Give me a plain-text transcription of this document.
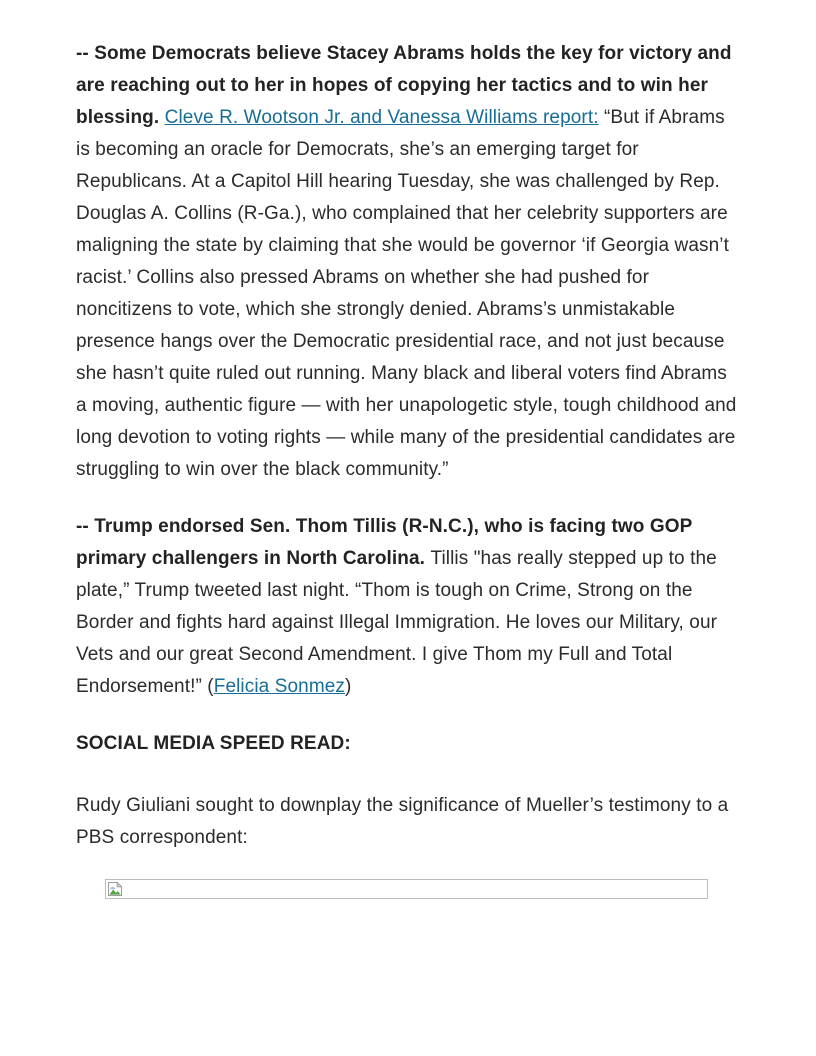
-- Some Democrats believe Stacey Abrams holds the key for victory and are reaching out to her in hopes of copying her tactics and to win her blessing. Cleve R. Wootson Jr. and Vanessa Williams report: “But if Abrams is becoming an oracle for Democrats, she’s an emerging target for Republicans. At a Capitol Hill hearing Tuesday, she was challenged by Rep. Douglas A. Collins (R-Ga.), who complained that her celebrity supporters are maligning the state by claiming that she would be governor ‘if Georgia wasn’t racist.’ Collins also pressed Abrams on whether she had pushed for noncitizens to vote, which she strongly denied. Abrams’s unmistakable presence hangs over the Democratic presidential race, and not just because she hasn’t quite ruled out running. Many black and liberal voters find Abrams a moving, authentic figure — with her unapologetic style, tough childhood and long devotion to voting rights — while many of the presidential candidates are struggling to win over the black community.”

-- Trump endorsed Sen. Thom Tillis (R-N.C.), who is facing two GOP primary challengers in North Carolina. Tillis "has really stepped up to the plate,” Trump tweeted last night. “Thom is tough on Crime, Strong on the Border and fights hard against Illegal Immigration. He loves our Military, our Vets and our great Second Amendment. I give Thom my Full and Total Endorsement!” (Felicia Sonmez)

SOCIAL MEDIA SPEED READ:

Rudy Giuliani sought to downplay the significance of Mueller’s testimony to a PBS correspondent:
